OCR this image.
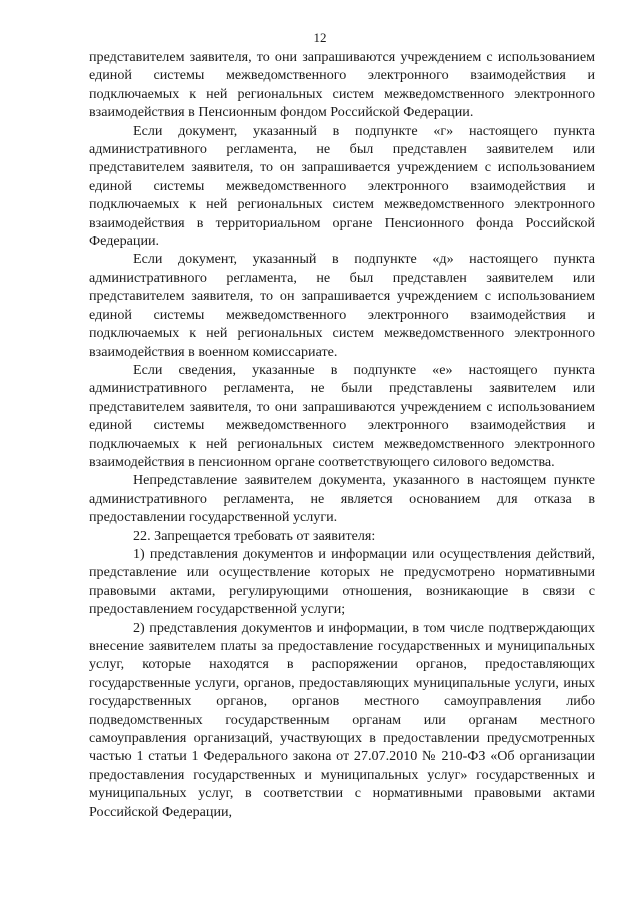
12

представителем заявителя, то они запрашиваются учреждением с использованием единой системы межведомственного электронного взаимодействия и подключаемых к ней региональных систем межведомственного электронного взаимодействия в Пенсионным фондом Российской Федерации.

Если документ, указанный в подпункте «г» настоящего пункта административного регламента, не был представлен заявителем или представителем заявителя, то он запрашивается учреждением с использованием единой системы межведомственного электронного взаимодействия и подключаемых к ней региональных систем межведомственного электронного взаимодействия в территориальном органе Пенсионного фонда Российской Федерации.

Если документ, указанный в подпункте «д» настоящего пункта административного регламента, не был представлен заявителем или представителем заявителя, то он запрашивается учреждением с использованием единой системы межведомственного электронного взаимодействия и подключаемых к ней региональных систем межведомственного электронного взаимодействия в военном комиссариате.

Если сведения, указанные в подпункте «е» настоящего пункта административного регламента, не были представлены заявителем или представителем заявителя, то они запрашиваются учреждением с использованием единой системы межведомственного электронного взаимодействия и подключаемых к ней региональных систем межведомственного электронного взаимодействия в пенсионном органе соответствующего силового ведомства.

Непредставление заявителем документа, указанного в настоящем пункте административного регламента, не является основанием для отказа в предоставлении государственной услуги.

22. Запрещается требовать от заявителя:

1) представления документов и информации или осуществления действий, представление или осуществление которых не предусмотрено нормативными правовыми актами, регулирующими отношения, возникающие в связи с предоставлением государственной услуги;

2) представления документов и информации, в том числе подтверждающих внесение заявителем платы за предоставление государственных и муниципальных услуг, которые находятся в распоряжении органов, предоставляющих государственные услуги, органов, предоставляющих муниципальные услуги, иных государственных органов, органов местного самоуправления либо подведомственных государственным органам или органам местного самоуправления организаций, участвующих в предоставлении предусмотренных частью 1 статьи 1 Федерального закона от 27.07.2010 № 210-ФЗ «Об организации предоставления государственных и муниципальных услуг» государственных и муниципальных услуг, в соответствии с нормативными правовыми актами Российской Федерации,
